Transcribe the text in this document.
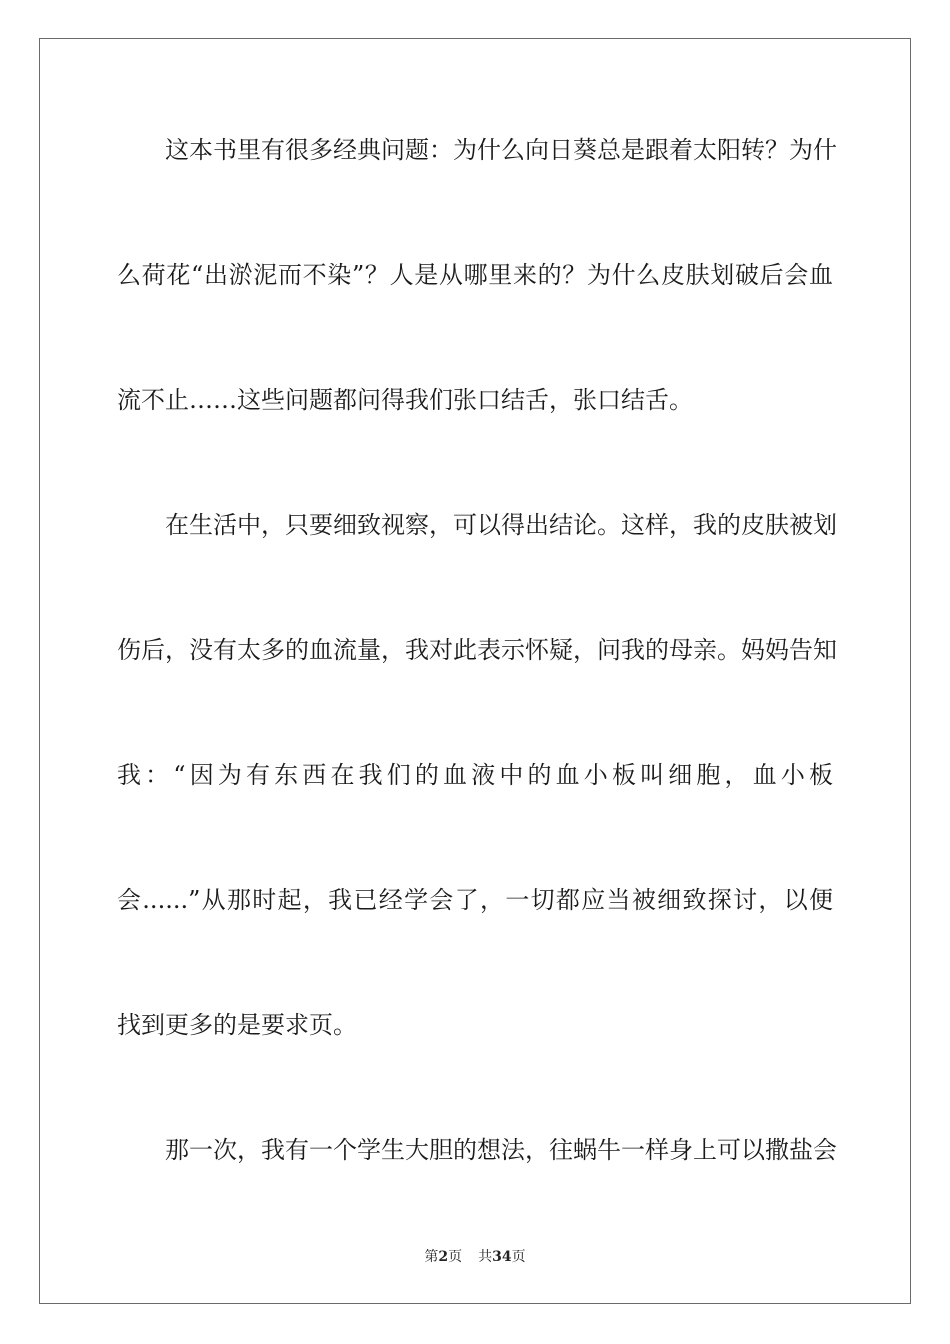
这本书里有很多经典问题：为什么向日葵总是跟着太阳转？为什
么荷花“出淤泥而不染”？人是从哪里来的？为什么皮肤划破后会血
流不止……这些问题都问得我们张口结舌，张口结舌。
在生活中，只要细致视察，可以得出结论。这样，我的皮肤被划
伤后，没有太多的血流量，我对此表示怀疑，问我的母亲。妈妈告知
我：“因为有东西在我们的血液中的血小板叫细胞，血小板
会......”从那时起，我已经学会了，一切都应当被细致探讨，以便
找到更多的是要求页。
那一次，我有一个学生大胆的想法，往蜗牛一样身上可以撒盐会
第2页 共34页
